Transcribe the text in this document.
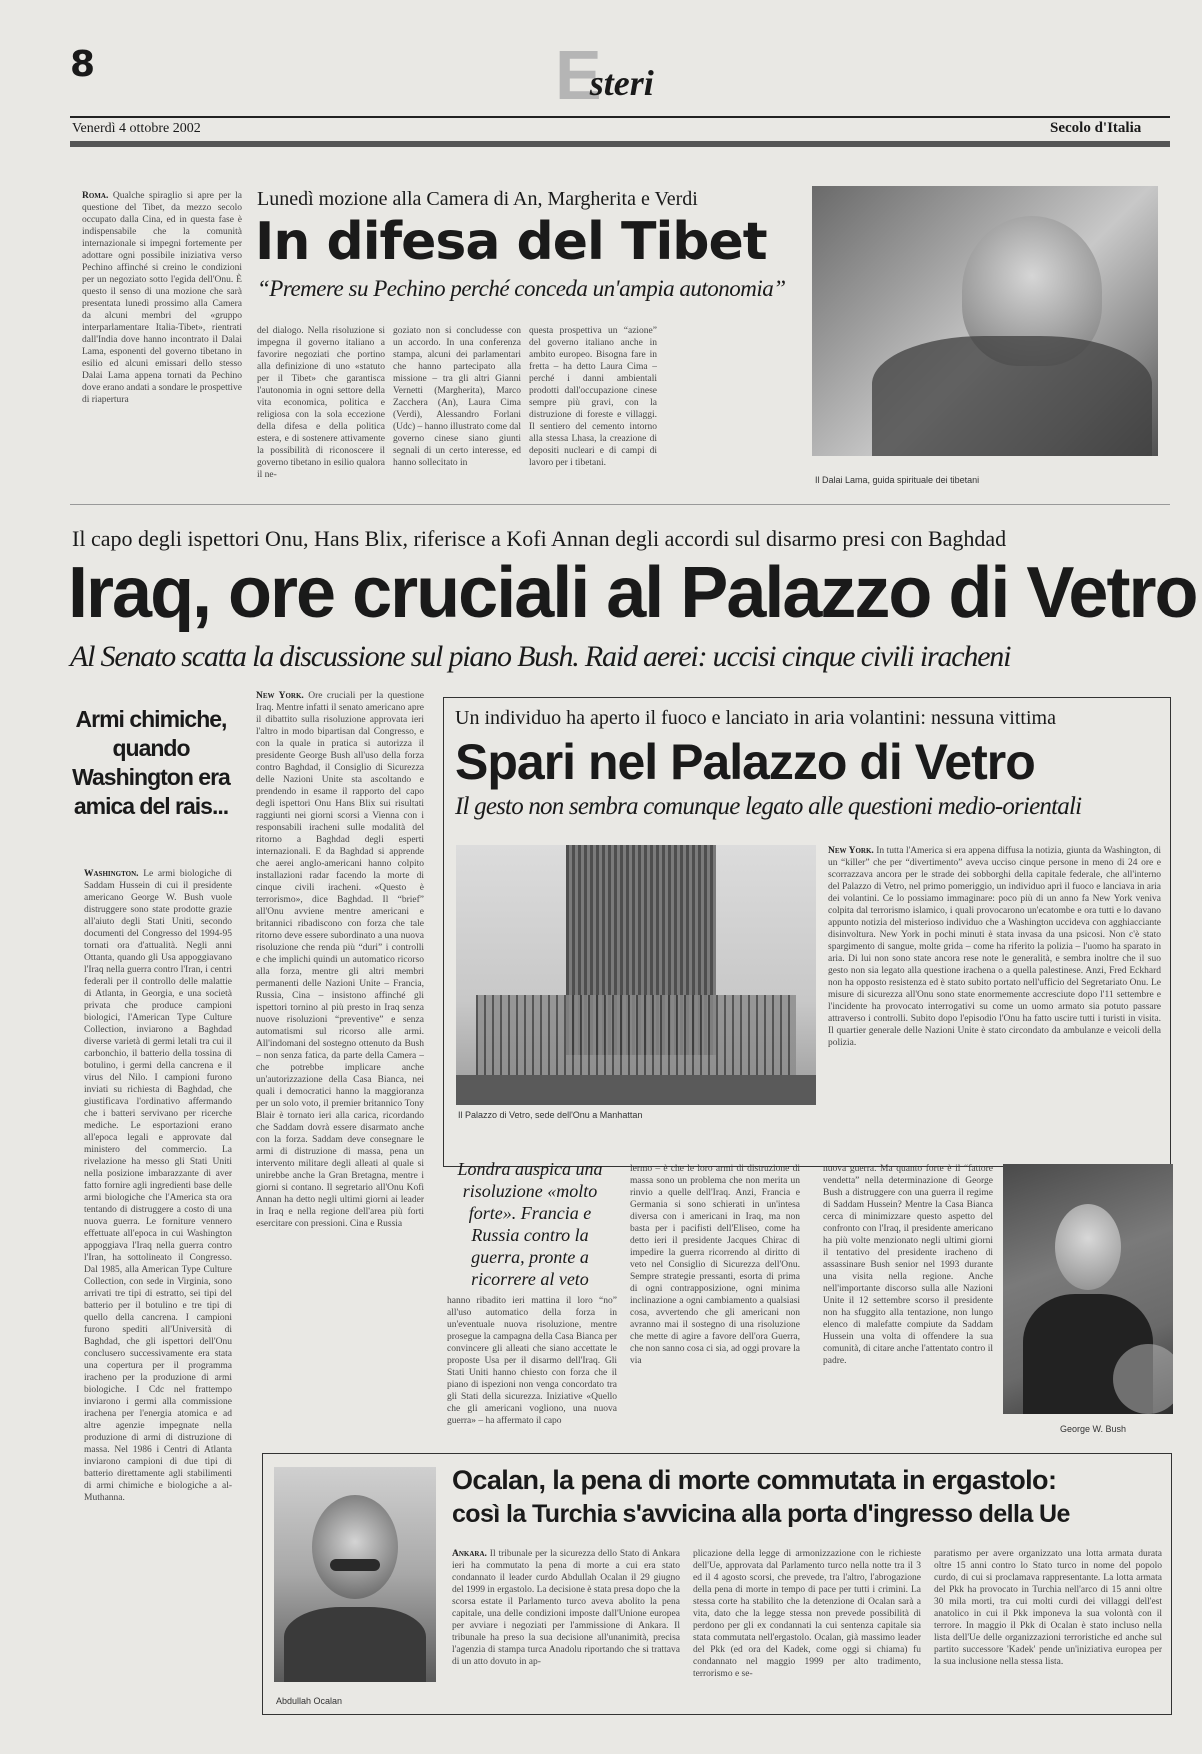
8	Esteri
Venerdì 4 ottobre 2002	Secolo d'Italia
Roma. Qualche spiraglio si apre per la questione del Tibet, da mezzo secolo occupato dalla Cina, ed in questa fase è indispensabile che la comunità internazionale si impegni fortemente per adottare ogni possibile iniziativa verso Pechino affinché si creino le condizioni per un negoziato sotto l'egida dell'Onu. È questo il senso di una mozione che sarà presentata lunedì prossimo alla Camera da alcuni membri del «gruppo interparlamentare Italia-Tibet», rientrati dall'India dove hanno incontrato il Dalai Lama, esponenti del governo tibetano in esilio ed alcuni emissari dello stesso Dalai Lama appena tornati da Pechino dove erano andati a sondare le prospettive di riapertura
Lunedì mozione alla Camera di An, Margherita e Verdi
In difesa del Tibet
“Premere su Pechino perché conceda un'ampia autonomia”
del dialogo. Nella risoluzione si impegna il governo italiano a favorire negoziati che portino alla definizione di uno «statuto per il Tibet» che garantisca l'autonomia in ogni settore della vita economica, politica e religiosa con la sola eccezione della difesa e della politica estera, e di sostenere attivamente la possibilità di riconoscere il governo tibetano in esilio qualora il ne-
goziato non si concludesse con un accordo. In una conferenza stampa, alcuni dei parlamentari che hanno partecipato alla missione – tra gli altri Gianni Vernetti (Margherita), Marco Zacchera (An), Laura Cima (Verdi), Alessandro Forlani (Udc) – hanno illustrato come dal governo cinese siano giunti segnali di un certo interesse, ed hanno sollecitato in
questa prospettiva un “azione” del governo italiano anche in ambito europeo. Bisogna fare in fretta – ha detto Laura Cima – perché i danni ambientali prodotti dall'occupazione cinese sempre più gravi, con la distruzione di foreste e villaggi. Il sentiero del cemento intorno alla stessa Lhasa, la creazione di depositi nucleari e di campi di lavoro per i tibetani.
Il Dalai Lama, guida spirituale dei tibetani
Il capo degli ispettori Onu, Hans Blix, riferisce a Kofi Annan degli accordi sul disarmo presi con Baghdad
Iraq, ore cruciali al Palazzo di Vetro
Al Senato scatta la discussione sul piano Bush. Raid aerei: uccisi cinque civili iracheni
Armi chimiche, quando Washington era amica del rais...
Washington. Le armi biologiche di Saddam Hussein di cui il presidente americano George W. Bush vuole distruggere sono state prodotte grazie all'aiuto degli Stati Uniti, secondo documenti del Congresso del 1994-95 tornati ora d'attualità. Negli anni Ottanta, quando gli Usa appoggiavano l'Iraq nella guerra contro l'Iran, i centri federali per il controllo delle malattie di Atlanta, in Georgia, e una società privata che produce campioni biologici, l'American Type Culture Collection, inviarono a Baghdad diverse varietà di germi letali tra cui il carbonchio, il batterio della tossina di botulino, i germi della cancrena e il virus del Nilo. I campioni furono inviati su richiesta di Baghdad, che giustificava l'ordinativo affermando che i batteri servivano per ricerche mediche. Le esportazioni erano all'epoca legali e approvate dal ministero del commercio. La rivelazione ha messo gli Stati Uniti nella posizione imbarazzante di aver fatto fornire agli ingredienti base delle armi biologiche che l'America sta ora tentando di distruggere a costo di una nuova guerra. Le forniture vennero effettuate all'epoca in cui Washington appoggiava l'Iraq nella guerra contro l'Iran, ha sottolineato il Congresso. Dal 1985, alla American Type Culture Collection, con sede in Virginia, sono arrivati tre tipi di estratto, sei tipi del batterio per il botulino e tre tipi di quello della cancrena. I campioni furono spediti all'Università di Baghdad, che gli ispettori dell'Onu conclusero successivamente era stata una copertura per il programma iracheno per la produzione di armi biologiche. I Cdc nel frattempo inviarono i germi alla commissione irachena per l'energia atomica e ad altre agenzie impegnate nella produzione di armi di distruzione di massa. Nel 1986 i Centri di Atlanta inviarono campioni di due tipi di batterio direttamente agli stabilimenti di armi chimiche e biologiche a al-Muthanna.
New York. Ore cruciali per la questione Iraq. Mentre infatti il senato americano apre il dibattito sulla risoluzione approvata ieri l'altro in modo bipartisan dal Congresso, e con la quale in pratica si autorizza il presidente George Bush all'uso della forza contro Baghdad, il Consiglio di Sicurezza delle Nazioni Unite sta ascoltando e prendendo in esame il rapporto del capo degli ispettori Onu Hans Blix sui risultati raggiunti nei giorni scorsi a Vienna con i responsabili iracheni sulle modalità del ritorno a Baghdad degli esperti internazionali. E da Baghdad si apprende che aerei anglo-americani hanno colpito installazioni radar facendo la morte di cinque civili iracheni. «Questo è terrorismo», dice Baghdad. Il “brief” all'Onu avviene mentre americani e britannici ribadiscono con forza che tale ritorno deve essere subordinato a una nuova risoluzione che renda più “duri” i controlli e che implichi quindi un automatico ricorso alla forza, mentre gli altri membri permanenti delle Nazioni Unite – Francia, Russia, Cina – insistono affinché gli ispettori tornino al più presto in Iraq senza nuove risoluzioni “preventive” e senza automatismi sul ricorso alle armi. All'indomani del sostegno ottenuto da Bush – non senza fatica, da parte della Camera – che potrebbe implicare anche un'autorizzazione della Casa Bianca, nei quali i democratici hanno la maggioranza per un solo voto, il premier britannico Tony Blair è tornato ieri alla carica, ricordando che Saddam dovrà essere disarmato anche con la forza. Saddam deve consegnare le armi di distruzione di massa, pena un intervento militare degli alleati al quale si unirebbe anche la Gran Bretagna, mentre i giorni si contano. Il segretario all'Onu Kofi Annan ha detto negli ultimi giorni ai leader in Iraq e nella regione dell'area più forti esercitare con pressioni. Cina e Russia
Un individuo ha aperto il fuoco e lanciato in aria volantini: nessuna vittima
Spari nel Palazzo di Vetro
Il gesto non sembra comunque legato alle questioni medio-orientali
Il Palazzo di Vetro, sede dell'Onu a Manhattan
New York. In tutta l'America si era appena diffusa la notizia, giunta da Washington, di un “killer” che per “divertimento” aveva ucciso cinque persone in meno di 24 ore e scorrazzava ancora per le strade dei sobborghi della capitale federale, che all'interno del Palazzo di Vetro, nel primo pomeriggio, un individuo aprì il fuoco e lanciava in aria dei volantini. Ce lo possiamo immaginare: poco più di un anno fa New York veniva colpita dal terrorismo islamico, i quali provocarono un'ecatombe e ora tutti e lo davano appunto notizia del misterioso individuo che a Washington uccideva con agghiacciante disinvoltura. New York in pochi minuti è stata invasa da una psicosi. Non c'è stato spargimento di sangue, molte grida – come ha riferito la polizia – l'uomo ha sparato in aria. Di lui non sono state ancora rese note le generalità, e sembra inoltre che il suo gesto non sia legato alla questione irachena o a quella palestinese. Anzi, Fred Eckhard non ha opposto resistenza ed è stato subito portato nell'ufficio del Segretariato Onu. Le misure di sicurezza all'Onu sono state enormemente accresciute dopo l'11 settembre e l'incidente ha provocato interrogativi su come un uomo armato sia potuto passare attraverso i controlli. Subito dopo l'episodio l'Onu ha fatto uscire tutti i turisti in visita. Il quartier generale delle Nazioni Unite è stato circondato da ambulanze e veicoli della polizia.
Londra auspica una risoluzione «molto forte». Francia e Russia contro la guerra, pronte a ricorrere al veto
hanno ribadito ieri mattina il loro “no” all'uso automatico della forza in un'eventuale nuova risoluzione, mentre prosegue la campagna della Casa Bianca per convincere gli alleati che siano accettate le proposte Usa per il disarmo dell'Iraq. Gli Stati Uniti hanno chiesto con forza che il piano di ispezioni non venga concordato tra gli Stati della sicurezza. Iniziative «Quello che gli americani vogliono, una nuova guerra» – ha affermato il capo
lermo – è che le loro armi di distruzione di massa sono un problema che non merita un rinvio a quelle dell'Iraq. Anzi, Francia e Germania si sono schierati in un'intesa diversa con i americani in Iraq, ma non basta per i pacifisti dell'Eliseo, come ha detto ieri il presidente Jacques Chirac di impedire la guerra ricorrendo al diritto di veto nel Consiglio di Sicurezza dell'Onu. Sempre strategie pressanti, esorta di prima di ogni contrapposizione, ogni minima inclinazione a ogni cambiamento a qualsiasi cosa, avvertendo che gli americani non avranno mai il sostegno di una risoluzione che mette di agire a favore dell'ora Guerra, che non sanno cosa ci sia, ad oggi provare la via
nuova guerra. Ma quanto forte è il “fattore vendetta” nella determinazione di George Bush a distruggere con una guerra il regime di Saddam Hussein? Mentre la Casa Bianca cerca di minimizzare questo aspetto del confronto con l'Iraq, il presidente americano ha più volte menzionato negli ultimi giorni il tentativo del presidente iracheno di assassinare Bush senior nel 1993 durante una visita nella regione. Anche nell'importante discorso sulla alle Nazioni Unite il 12 settembre scorso il presidente non ha sfuggito alla tentazione, non lungo elenco di malefatte compiute da Saddam Hussein una volta di offendere la sua comunità, di citare anche l'attentato contro il padre.
George W. Bush
Ocalan, la pena di morte commutata in ergastolo:
così la Turchia s'avvicina alla porta d'ingresso della Ue
Abdullah Ocalan
Ankara. Il tribunale per la sicurezza dello Stato di Ankara ieri ha commutato la pena di morte a cui era stato condannato il leader curdo Abdullah Ocalan il 29 giugno del 1999 in ergastolo. La decisione è stata presa dopo che la scorsa estate il Parlamento turco aveva abolito la pena capitale, una delle condizioni imposte dall'Unione europea per avviare i negoziati per l'ammissione di Ankara. Il tribunale ha preso la sua decisione all'unanimità, precisa l'agenzia di stampa turca Anadolu riportando che si trattava di un atto dovuto in ap-
plicazione della legge di armonizzazione con le richieste dell'Ue, approvata dal Parlamento turco nella notte tra il 3 ed il 4 agosto scorsi, che prevede, tra l'altro, l'abrogazione della pena di morte in tempo di pace per tutti i crimini. La stessa corte ha stabilito che la detenzione di Ocalan sarà a vita, dato che la legge stessa non prevede possibilità di perdono per gli ex condannati la cui sentenza capitale sia stata commutata nell'ergastolo. Ocalan, già massimo leader del Pkk (ed ora del Kadek, come oggi si chiama) fu condannato nel maggio 1999 per alto tradimento, terrorismo e se-
paratismo per avere organizzato una lotta armata durata oltre 15 anni contro lo Stato turco in nome del popolo curdo, di cui si proclamava rappresentante. La lotta armata del Pkk ha provocato in Turchia nell'arco di 15 anni oltre 30 mila morti, tra cui molti curdi dei villaggi dell'est anatolico in cui il Pkk imponeva la sua volontà con il terrore. In maggio il Pkk di Ocalan è stato incluso nella lista dell'Ue delle organizzazioni terroristiche ed anche sul partito successore 'Kadek' pende un'iniziativa europea per la sua inclusione nella stessa lista.
